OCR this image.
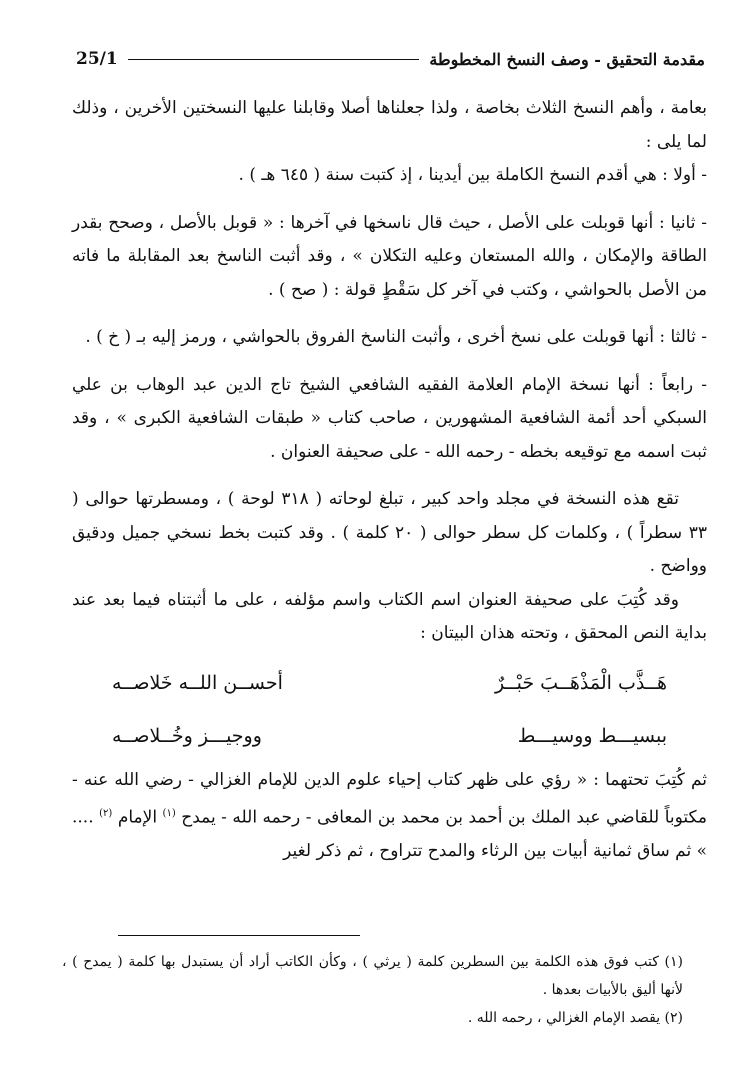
مقدمة التحقيق - وصف النسخ المخطوطة
25/1

بعامة ، وأهم النسخ الثلاث بخاصة ، ولذا جعلناها أصلا وقابلنا عليها النسختين الأخرين ، وذلك لما يلى :

- أولا : هي أقدم النسخ الكاملة بين أيدينا ، إذ كتبت سنة ( ٦٤٥ هـ ) .

- ثانيا : أنها قوبلت على الأصل ، حيث قال ناسخها في آخرها : « قوبل بالأصل ، وصحح بقدر الطاقة والإمكان ، والله المستعان وعليه التكلان » ، وقد أثبت الناسخ بعد المقابلة ما فاته من الأصل بالحواشي ، وكتب في آخر كل سَقْطٍ قولة : ( صح ) .

- ثالثا : أنها قوبلت على نسخ أخرى ، وأثبت الناسخ الفروق بالحواشي ، ورمز إليه بـ ( خ ) .

- رابعاً : أنها نسخة الإمام العلامة الفقيه الشافعي الشيخ تاج الدين عبد الوهاب بن علي السبكي أحد أئمة الشافعية المشهورين ، صاحب كتاب « طبقات الشافعية الكبرى » ، وقد ثبت اسمه مع توقيعه بخطه - رحمه الله - على صحيفة العنوان .

تقع هذه النسخة في مجلد واحد كبير ، تبلغ لوحاته ( ٣١٨ لوحة ) ، ومسطرتها حوالى ( ٣٣ سطراً ) ، وكلمات كل سطر حوالى ( ٢٠ كلمة ) . وقد كتبت بخط نسخي جميل ودقيق وواضح .

وقد كُتِبَ على صحيفة العنوان اسم الكتاب واسم مؤلفه ، على ما أثبتناه فيما بعد عند بداية النص المحقق ، وتحته هذان البيتان :

هَــذَّب الْمَذْهَــبَ حَبْــرٌ
أحســن اللــه خَلاصــه
ببسيـــط ووسيـــط
ووجيـــز وخُــلاصــه

ثم كُتِبَ تحتهما : « رؤي على ظهر كتاب إحياء علوم الدين للإمام الغزالي - رضي الله عنه - مكتوباً للقاضي عبد الملك بن أحمد بن محمد بن المعافى - رحمه الله - يمدح $^{(١)}$ الإمام $^{(٢)}$ .... » ثم ساق ثمانية أبيات بين الرثاء والمدح تتراوح ، ثم ذكر لغير

(١) كتب فوق هذه الكلمة بين السطرين كلمة ( يرثي ) ، وكأن الكاتب أراد أن يستبدل بها كلمة ( يمدح ) ، لأنها أليق بالأبيات بعدها .

(٢) يقصد الإمام الغزالي ، رحمه الله .
